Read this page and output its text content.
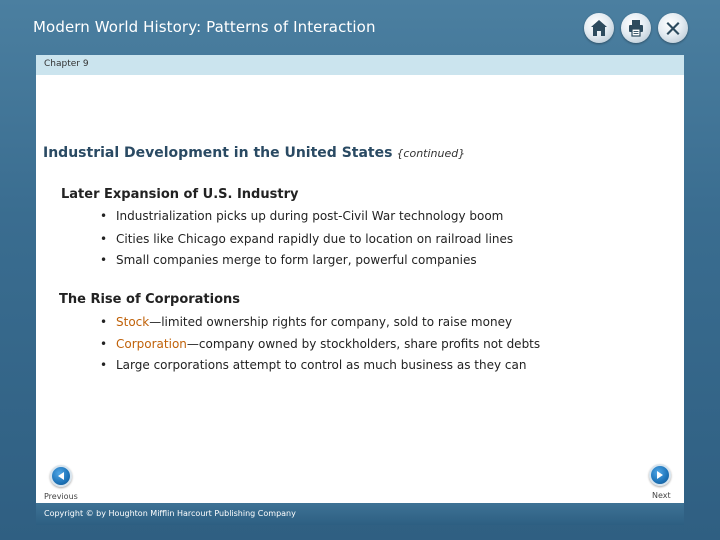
Modern World History: Patterns of Interaction
Chapter 9
Industrial Development in the United States {continued}
Later Expansion of U.S. Industry
• Industrialization picks up during post-Civil War technology boom
• Cities like Chicago expand rapidly due to location on railroad lines
• Small companies merge to form larger, powerful companies
The Rise of Corporations
• Stock—limited ownership rights for company, sold to raise money
• Corporation—company owned by stockholders, share profits not debts
• Large corporations attempt to control as much business as they can
Previous	Next
Copyright © by Houghton Mifflin Harcourt Publishing Company
